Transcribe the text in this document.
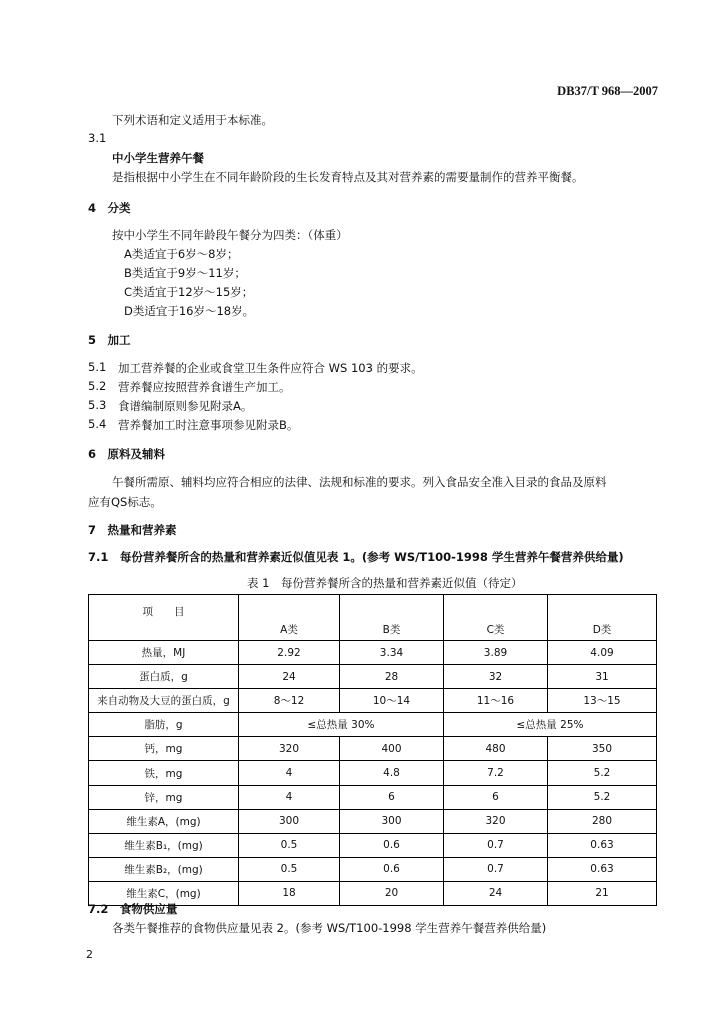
DB37/T 968—2007
下列术语和定义适用于本标准。
3.1
中小学生营养午餐
是指根据中小学生在不同年龄阶段的生长发育特点及其对营养素的需要量制作的营养平衡餐。
4　分类
按中小学生不同年龄段午餐分为四类：（体重）
A类适宜于6岁～8岁；
B类适宜于9岁～11岁；
C类适宜于12岁～15岁；
D类适宜于16岁～18岁。
5　加工
5.1 加工营养餐的企业或食堂卫生条件应符合 WS 103 的要求。
5.2 营养餐应按照营养食谱生产加工。
5.3 食谱编制原则参见附录A。
5.4 营养餐加工时注意事项参见附录B。
6　原料及辅料
午餐所需原、辅料均应符合相应的法律、法规和标准的要求。列入食品安全准入目录的食品及原料
应有QS标志。
7　热量和营养素
7.1　每份营养餐所含的热量和营养素近似值见表 1。(参考 WS/T100-1998 学生营养午餐营养供给量)
表 1　每份营养餐所含的热量和营养素近似值（待定）
项　　目	A类	B类	C类	D类
热量，MJ	2.92	3.34	3.89	4.09
蛋白质，g	24	28	32	31
来自动物及大豆的蛋白质，g	8～12	10～14	11～16	13～15
脂肪，g	≤总热量 30%		≤总热量 25%	
钙，mg	320	400	480	350
铁，mg	4	4.8	7.2	5.2
锌，mg	4	6	6	5.2
维生素A，(mg)	300	300	320	280
维生素B₁，(mg)	0.5	0.6	0.7	0.63
维生素B₂，(mg)	0.5	0.6	0.7	0.63
维生素C，(mg)	18	20	24	21
7.2　食物供应量
各类午餐推荐的食物供应量见表 2。(参考 WS/T100-1998 学生营养午餐营养供给量)
2
